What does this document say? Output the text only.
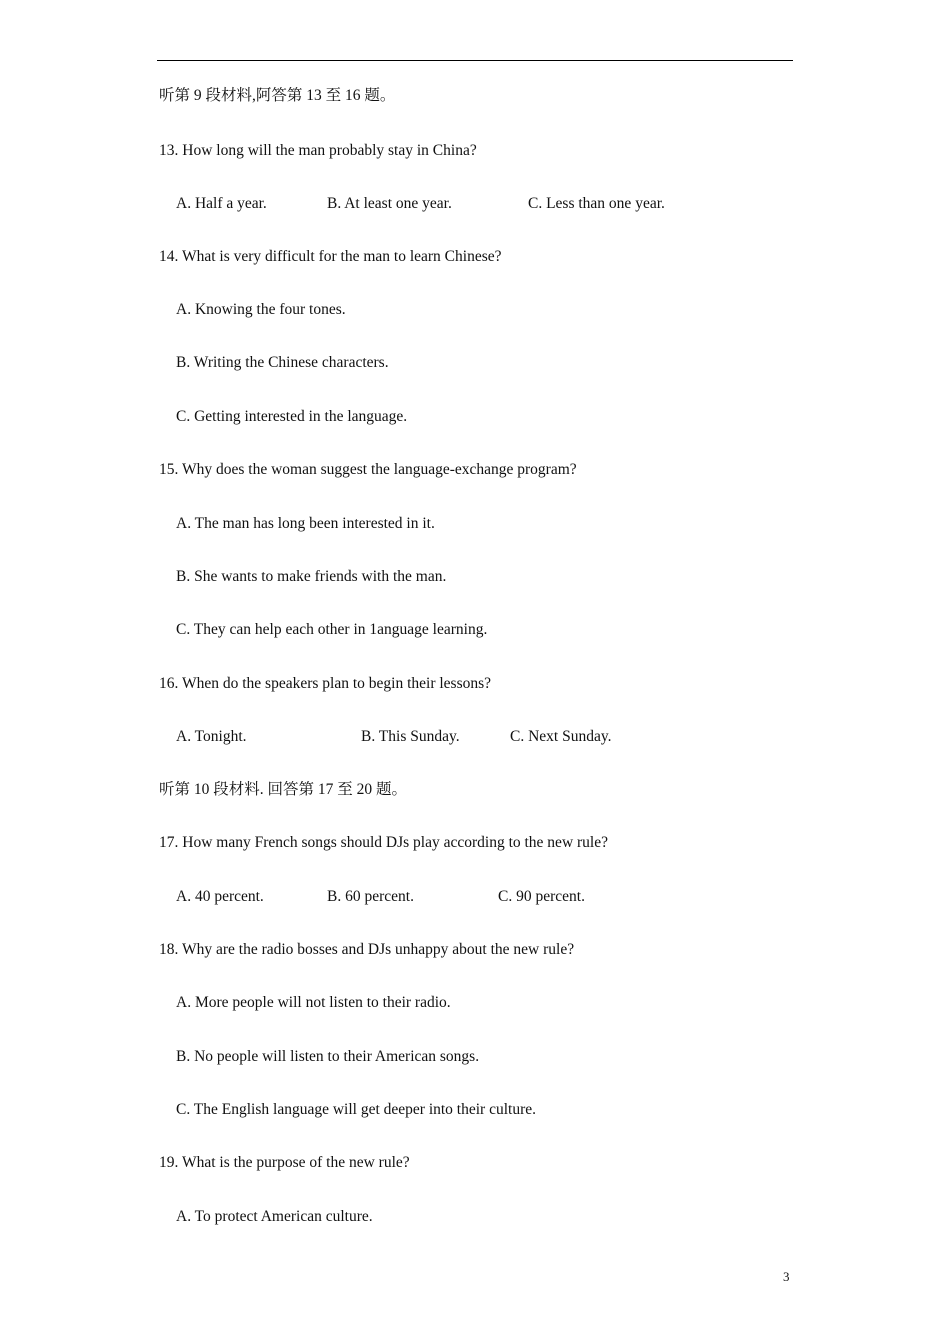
听第 9 段材料,阿答第 13 至 16 题。
13. How long will the man probably stay in China?
A. Half a year.	B. At least one year.	C. Less than one year.
14. What is very difficult for the man to learn Chinese?
A. Knowing the four tones.
B. Writing the Chinese characters.
C. Getting interested in the language.
15. Why does the woman suggest the language-exchange program?
A. The man has long been interested in it.
B. She wants to make friends with the man.
C. They can help each other in 1anguage learning.
16. When do the speakers plan to begin their lessons?
A. Tonight.	B. This Sunday.	C. Next Sunday.
听第 10 段材料. 回答第 17 至 20 题。
17. How many French songs should DJs play according to the new rule?
A. 40 percent.	B. 60 percent.	C. 90 percent.
18. Why are the radio bosses and DJs unhappy about the new rule?
A. More people will not listen to their radio.
B. No people will listen to their American songs.
C. The English language will get deeper into their culture.
19. What is the purpose of the new rule?
A. To protect American culture.
3
